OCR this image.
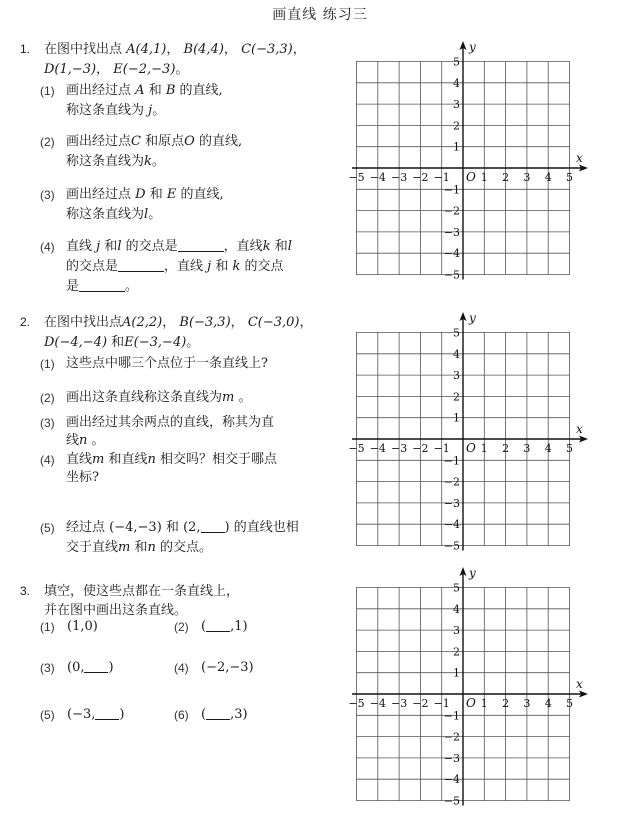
画直线 练习三
1. 在图中找出点 A(4,1)， B(4,4)， C(−3,3)，
D(1,−3)， E(−2,−3)。
(1) 画出经过点 A 和 B 的直线,
称这条直线为 j。
(2) 画出经过点C 和原点O 的直线,
称这条直线为k。
(3) 画出经过点 D 和 E 的直线,
称这条直线为l。
(4) 直线 j 和l 的交点是	，直线k 和l
的交点是	，直线 j 和 k 的交点
是	。
2. 在图中找出点A(2,2)， B(−3,3)， C(−3,0)，
D(−4,−4) 和E(−3,−4)。
(1) 这些点中哪三个点位于一条直线上?
(2) 画出这条直线称这条直线为m 。
(3) 画出经过其余两点的直线，称其为直
线n 。
(4) 直线m 和直线n 相交吗？相交于哪点
坐标?
(5) 经过点 (−4,−3) 和 (2, ) 的直线也相
交于直线m 和n 的交点。
3. 填空，使这些点都在一条直线上，
并在图中画出这条直线。
(1) (1,0)	(2) ( ,1)
(3) (0, )	(4) (−2,−3)
(5) (−3, )	(6) ( ,3)
x
y
O
−5 −4 −3 −2 −1	1 2 3 4 5
5
4
3
2
1
−1
−2
−3
−4
−5
x
y
O
−5 −4 −3 −2 −1	1 2 3 4 5
5
4
3
2
1
−1
−2
−3
−4
−5
x
y
O
−5 −4 −3 −2 −1	1 2 3 4 5
5
4
3
2
1
−1
−2
−3
−4
−5
